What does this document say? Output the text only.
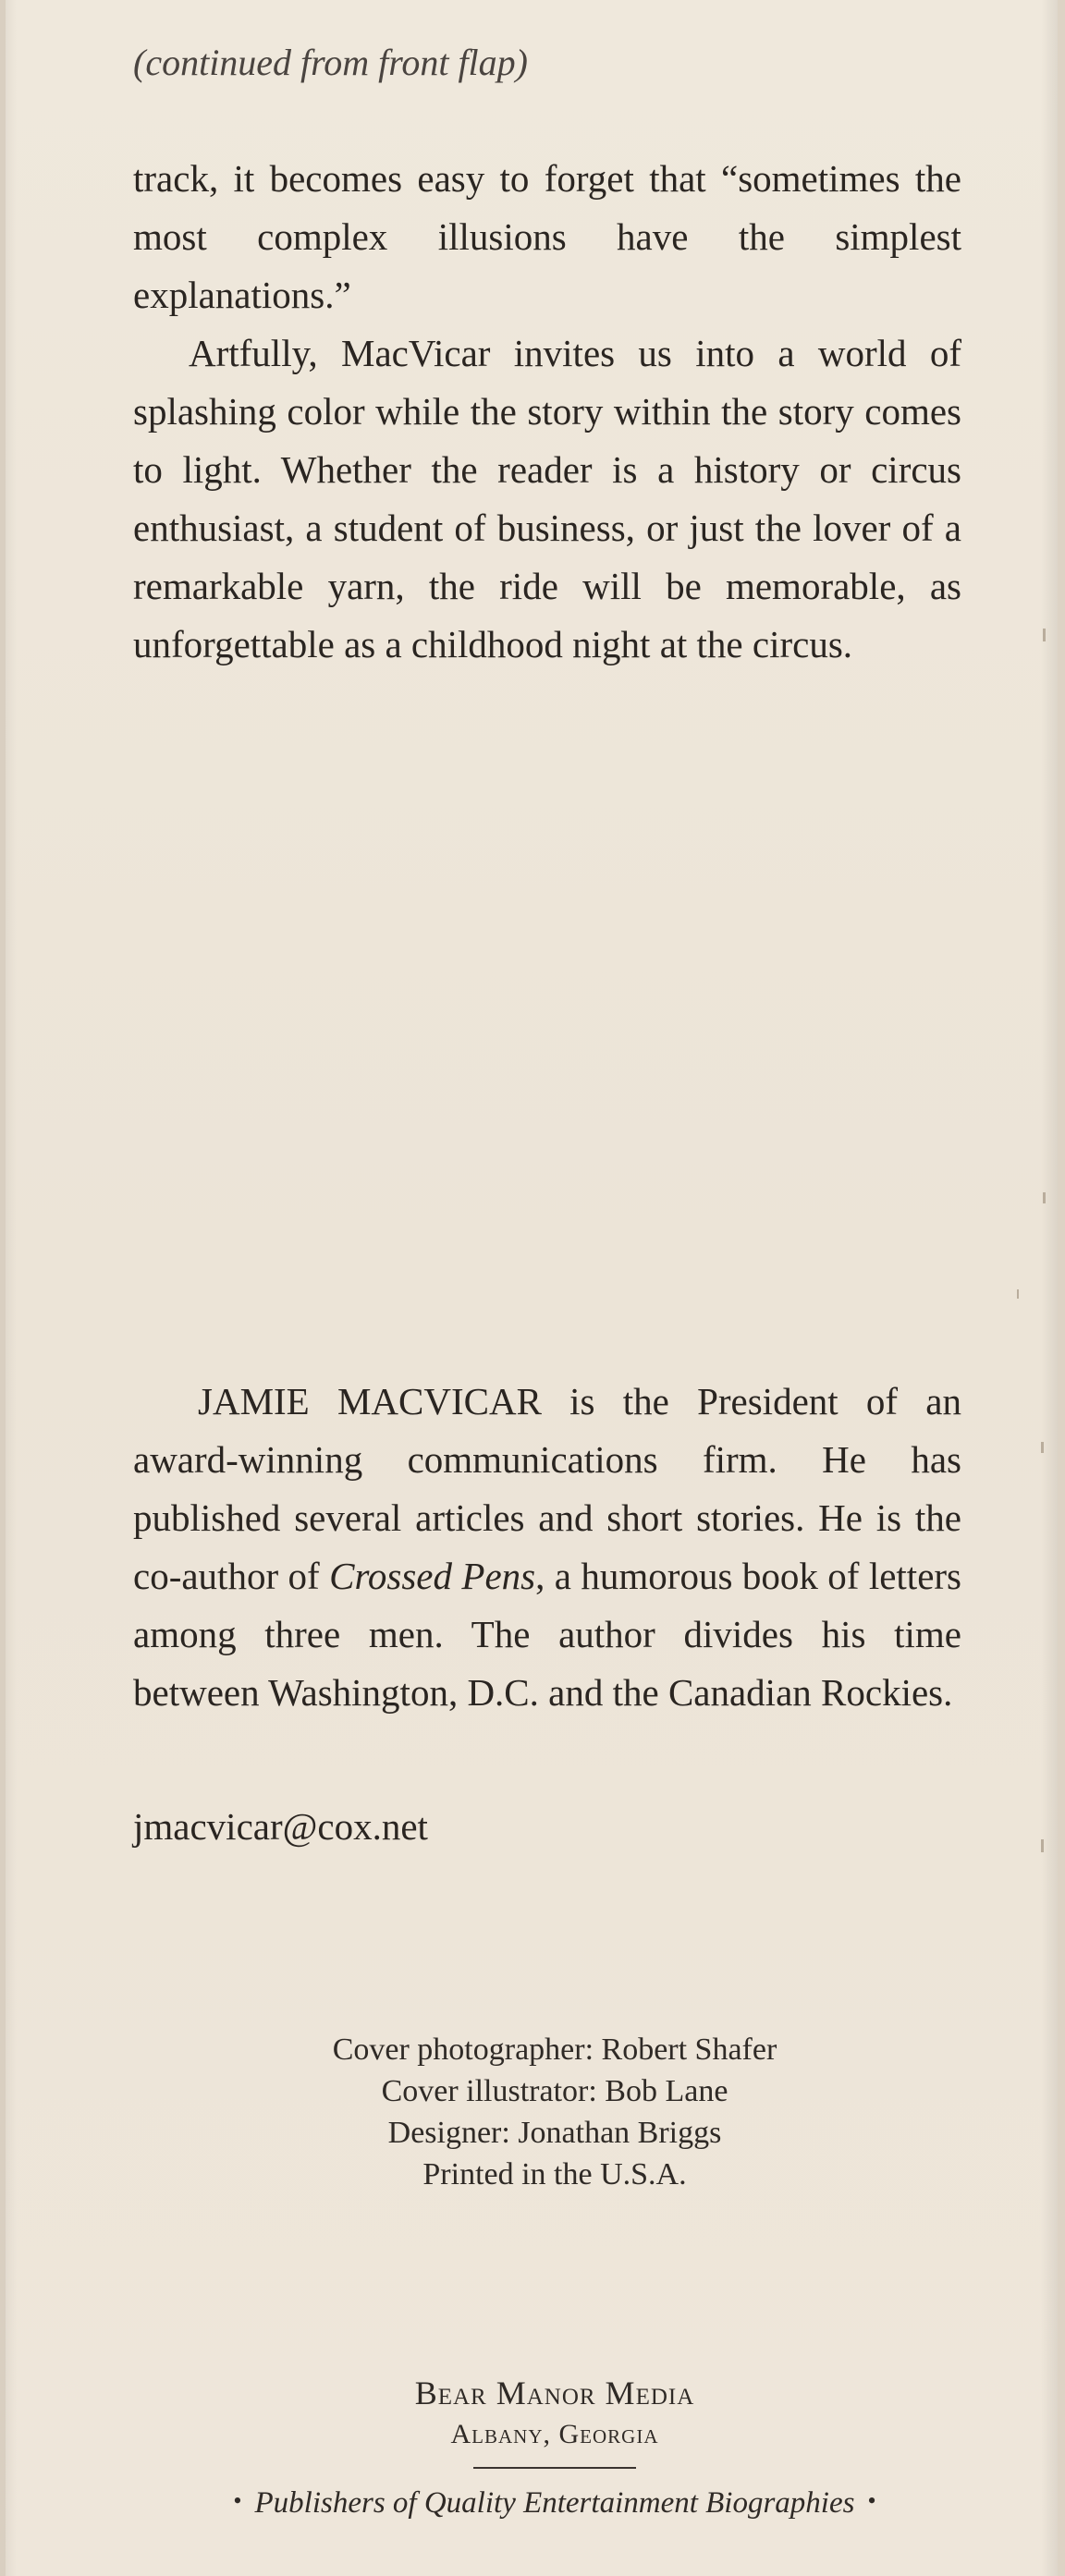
(continued from front flap)

track, it becomes easy to forget that “sometimes the most complex illusions have the simplest explanations.”

Artfully, MacVicar invites us into a world of splashing color while the story within the story comes to light. Whether the reader is a history or circus enthusiast, a student of business, or just the lover of a remarkable yarn, the ride will be memorable, as unforgettable as a childhood night at the circus.

JAMIE MACVICAR is the President of an award-winning communications firm. He has published several articles and short stories. He is the co-author of Crossed Pens, a humorous book of letters among three men. The author divides his time between Washington, D.C. and the Canadian Rockies.

jmacvicar@cox.net
Cover photographer: Robert Shafer
Cover illustrator: Bob Lane
Designer: Jonathan Briggs
Printed in the U.S.A.
Bear Manor Media
Albany, Georgia
• Publishers of Quality Entertainment Biographies •
